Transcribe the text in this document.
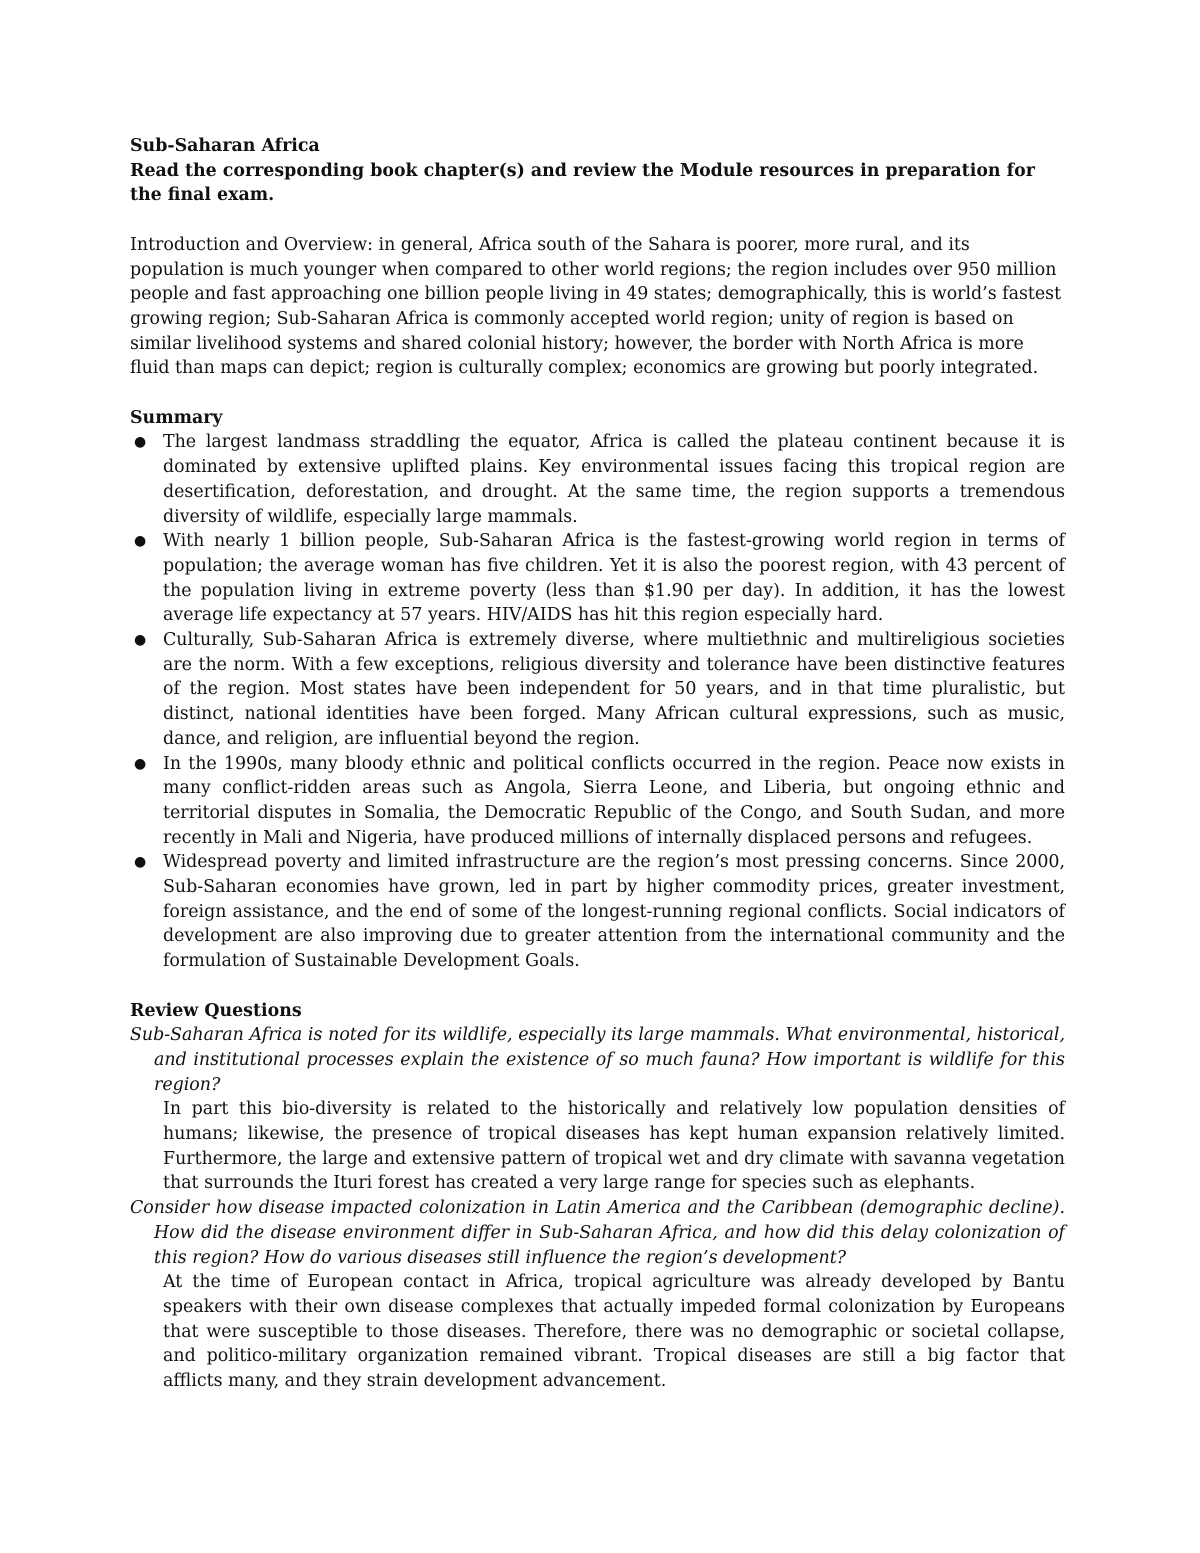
Sub-Saharan Africa

Read the corresponding book chapter(s) and review the Module resources in preparation for the final exam.

Introduction and Overview: in general, Africa south of the Sahara is poorer, more rural, and its population is much younger when compared to other world regions; the region includes over 950 million people and fast approaching one billion people living in 49 states; demographically, this is world’s fastest growing region; Sub-Saharan Africa is commonly accepted world region; unity of region is based on similar livelihood systems and shared colonial history; however, the border with North Africa is more fluid than maps can depict; region is culturally complex; economics are growing but poorly integrated.

Summary

● The largest landmass straddling the equator, Africa is called the plateau continent because it is dominated by extensive uplifted plains. Key environmental issues facing this tropical region are desertification, deforestation, and drought. At the same time, the region supports a tremendous diversity of wildlife, especially large mammals.
● With nearly 1 billion people, Sub-Saharan Africa is the fastest-growing world region in terms of population; the average woman has five children. Yet it is also the poorest region, with 43 percent of the population living in extreme poverty (less than $1.90 per day). In addition, it has the lowest average life expectancy at 57 years. HIV/AIDS has hit this region especially hard.
● Culturally, Sub-Saharan Africa is extremely diverse, where multiethnic and multireligious societies are the norm. With a few exceptions, religious diversity and tolerance have been distinctive features of the region. Most states have been independent for 50 years, and in that time pluralistic, but distinct, national identities have been forged. Many African cultural expressions, such as music, dance, and religion, are influential beyond the region.
● In the 1990s, many bloody ethnic and political conflicts occurred in the region. Peace now exists in many conflict-ridden areas such as Angola, Sierra Leone, and Liberia, but ongoing ethnic and territorial disputes in Somalia, the Democratic Republic of the Congo, and South Sudan, and more recently in Mali and Nigeria, have produced millions of internally displaced persons and refugees.
● Widespread poverty and limited infrastructure are the region’s most pressing concerns. Since 2000, Sub-Saharan economies have grown, led in part by higher commodity prices, greater investment, foreign assistance, and the end of some of the longest-running regional conflicts. Social indicators of development are also improving due to greater attention from the international community and the formulation of Sustainable Development Goals.

Review Questions

Sub-Saharan Africa is noted for its wildlife, especially its large mammals. What environmental, historical, and institutional processes explain the existence of so much fauna? How important is wildlife for this region?

In part this bio-diversity is related to the historically and relatively low population densities of humans; likewise, the presence of tropical diseases has kept human expansion relatively limited. Furthermore, the large and extensive pattern of tropical wet and dry climate with savanna vegetation that surrounds the Ituri forest has created a very large range for species such as elephants.

Consider how disease impacted colonization in Latin America and the Caribbean (demographic decline). How did the disease environment differ in Sub-Saharan Africa, and how did this delay colonization of this region? How do various diseases still influence the region’s development?

At the time of European contact in Africa, tropical agriculture was already developed by Bantu speakers with their own disease complexes that actually impeded formal colonization by Europeans that were susceptible to those diseases. Therefore, there was no demographic or societal collapse, and politico-military organization remained vibrant. Tropical diseases are still a big factor that afflicts many, and they strain development advancement.
